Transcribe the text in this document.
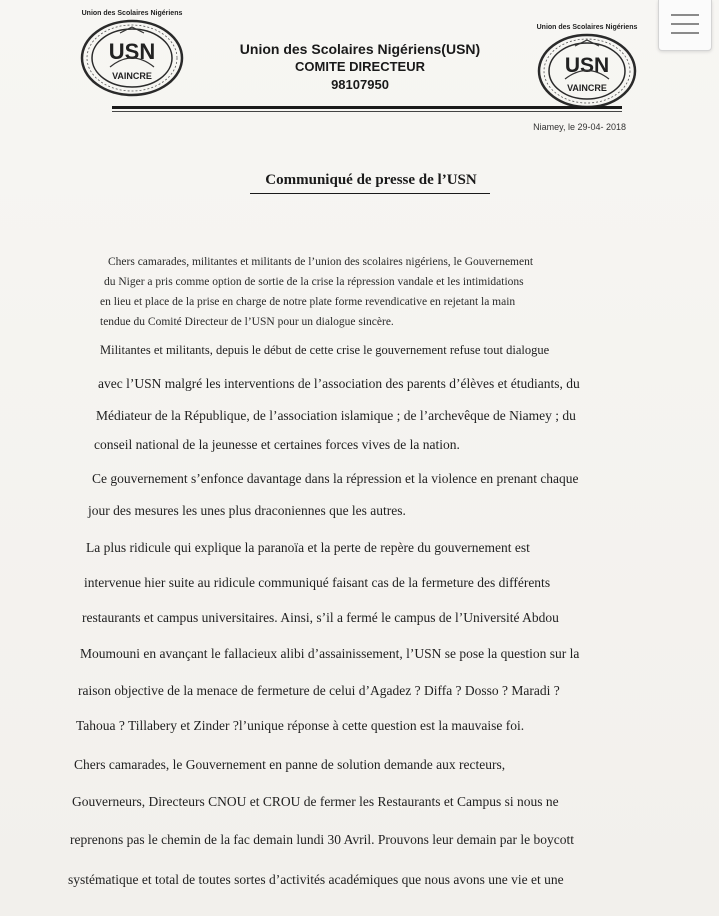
Union des Scolaires Nigériens
USN
VAINCRE
Union des Scolaires Nigériens
USN
VAINCRE
Union des Scolaires Nigériens(USN)
COMITE DIRECTEUR
98107950
Niamey, le 29-04- 2018
Communiqué de presse de l’USN
Chers camarades, militantes et militants de l’union des scolaires nigériens, le Gouvernement
du Niger a pris comme option de sortie de la crise la répression vandale et les intimidations
en lieu et place de la prise en charge de notre plate forme revendicative en rejetant la main
tendue du Comité Directeur de l’USN pour un dialogue sincère.
Militantes et militants, depuis le début de cette crise le gouvernement refuse tout dialogue
avec l’USN malgré les interventions de l’association des parents d’élèves et étudiants, du
Médiateur de la République, de l’association islamique ; de l’archevêque de Niamey ; du
conseil national de la jeunesse et certaines forces vives de la nation.
Ce gouvernement s’enfonce davantage dans la répression et la violence en prenant chaque
jour des mesures les unes plus draconiennes que les autres.
La plus ridicule qui explique la paranoïa et la perte de repère du gouvernement est
intervenue hier suite au ridicule communiqué faisant cas de la fermeture des différents
restaurants et campus universitaires. Ainsi, s’il a fermé le campus de l’Université Abdou
Moumouni en avançant le fallacieux alibi d’assainissement, l’USN se pose la question sur la
raison objective de la menace de fermeture de celui d’Agadez ? Diffa ? Dosso ? Maradi ?
Tahoua ? Tillabery et Zinder ?l’unique réponse à cette question est la mauvaise foi.
Chers camarades, le Gouvernement en panne de solution demande aux recteurs,
Gouverneurs, Directeurs CNOU et CROU de fermer les Restaurants et Campus si nous ne
reprenons pas le chemin de la fac demain lundi 30 Avril. Prouvons leur demain par le boycott
systématique et total de toutes sortes d’activités académiques que nous avons une vie et une
